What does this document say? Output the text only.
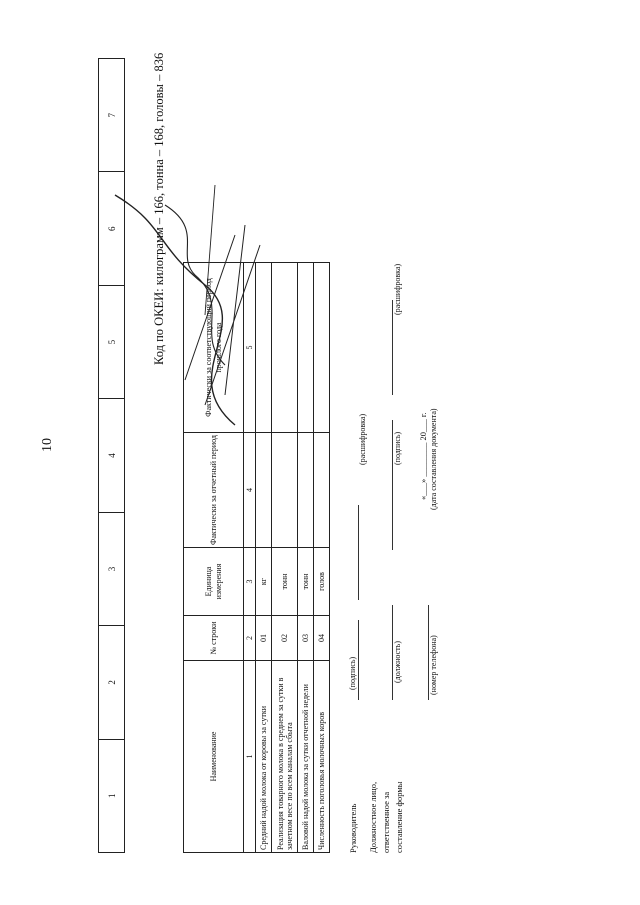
10
1	2	3	4	5	6	7	Код по ОКЕИ: килограмм – 166, тонна – 168, головы – 836
Наименование	№ строки	Единица измерения	Фактически за отчетный период	Фактически за соответствующий период прошлого года
1	2	3	4	5
Средний надой молока от коровы за сутки	01	кг		
Реализация товарного молока в среднем за сутки в зачетном весе по всем каналам сбыта	02	тонн		
Валовой надой молока за сутки отчетной недели	03	тонн		
Численность поголовья молочных коров	04	голов		
Руководитель
(подпись)
(расшифровка)
Должностное лицо, ответственное за составление формы
(должность)
(подпись)
(расшифровка)
(номер телефона)
«___» ________ 20___ г. (дата составления документа)
